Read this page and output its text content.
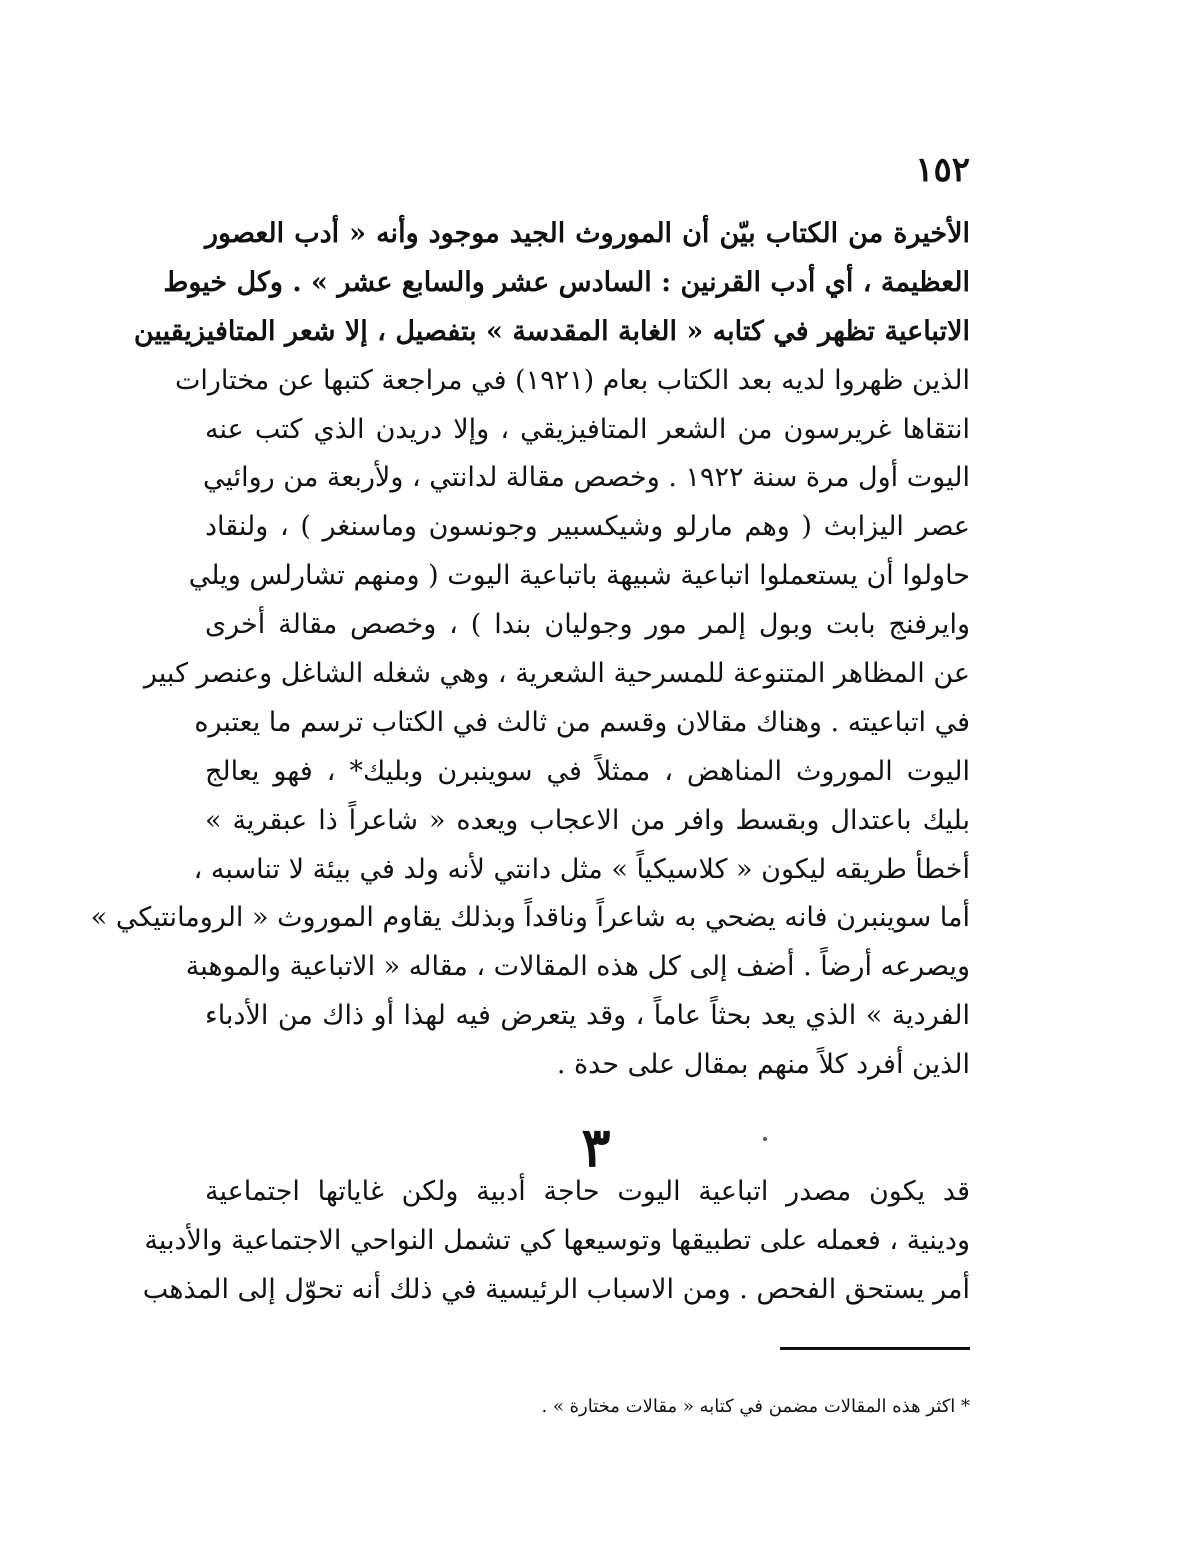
١٥٢
الأخيرة من الكتاب بيّن أن الموروث الجيد موجود وأنه « أدب العصور
العظيمة ، أي أدب القرنين : السادس عشر والسابع عشر » . وكل خيوط
الاتباعية تظهر في كتابه « الغابة المقدسة » بتفصيل ، إلا شعر المتافيزيقيين
الذين ظهروا لديه بعد الكتاب بعام (١٩٢١) في مراجعة كتبها عن مختارات
انتقاها غريرسون من الشعر المتافيزيقي ، وإلا دريدن الذي كتب عنه
اليوت أول مرة سنة ١٩٢٢ . وخصص مقالة لدانتي ، ولأربعة من روائيي
عصر اليزابث ( وهم مارلو وشيكسبير وجونسون وماسنغر ) ، ولنقاد
حاولوا أن يستعملوا اتباعية شبيهة باتباعية اليوت ( ومنهم تشارلس ويلي
وايرفنج بابت وبول إلمر مور وجوليان بندا ) ، وخصص مقالة أخرى
عن المظاهر المتنوعة للمسرحية الشعرية ، وهي شغله الشاغل وعنصر كبير
في اتباعيته . وهناك مقالان وقسم من ثالث في الكتاب ترسم ما يعتبره
اليوت الموروث المناهض ، ممثلاً في سوينبرن وبليك* ، فهو يعالج
بليك باعتدال وبقسط وافر من الاعجاب ويعده « شاعراً ذا عبقرية »
أخطأ طريقه ليكون « كلاسيكياً » مثل دانتي لأنه ولد في بيئة لا تناسبه ،
أما سوينبرن فانه يضحي به شاعراً وناقداً وبذلك يقاوم الموروث « الرومانتيكي »
ويصرعه أرضاً . أضف إلى كل هذه المقالات ، مقاله « الاتباعية والموهبة
الفردية » الذي يعد بحثاً عاماً ، وقد يتعرض فيه لهذا أو ذاك من الأدباء
الذين أفرد كلاً منهم بمقال على حدة .
٣
قد يكون مصدر اتباعية اليوت حاجة أدبية ولكن غاياتها اجتماعية
ودينية ، فعمله على تطبيقها وتوسيعها كي تشمل النواحي الاجتماعية والأدبية
أمر يستحق الفحص . ومن الاسباب الرئيسية في ذلك أنه تحوّل إلى المذهب
* اكثر هذه المقالات مضمن في كتابه « مقالات مختارة » .
